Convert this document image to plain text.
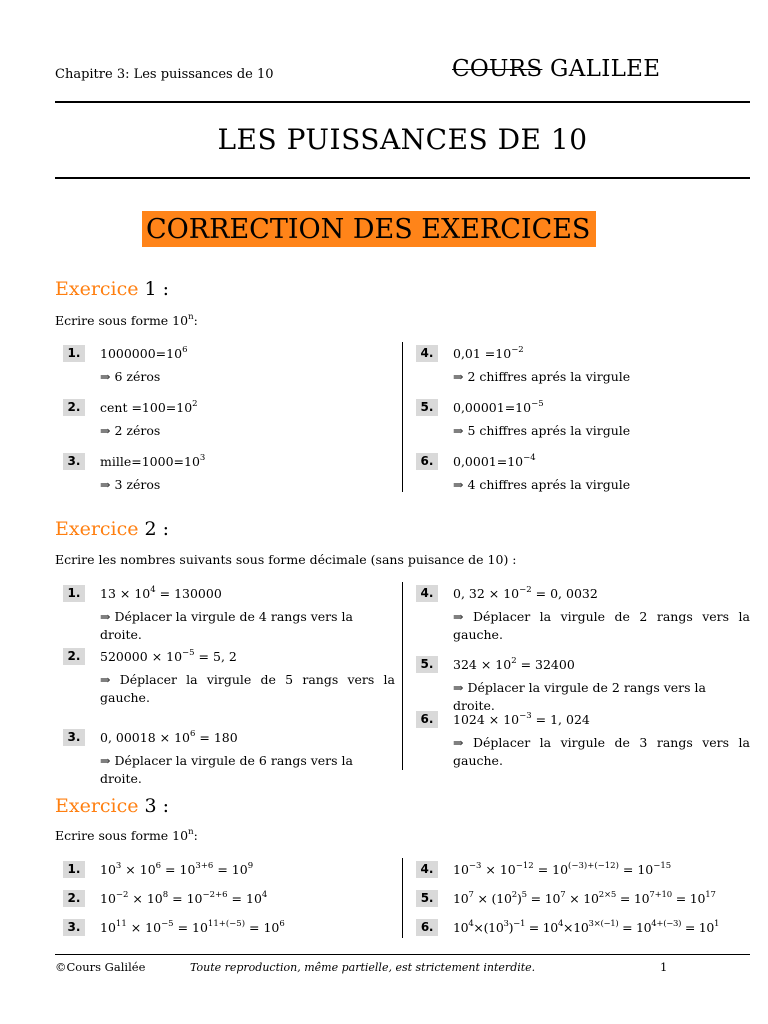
Chapitre 3: Les puissances de 10	COURS GALILEE
LES PUISSANCES DE 10
CORRECTION DES EXERCICES
Exercice 1 :
Ecrire sous forme 10$^n$:
1.	$1000000=10^6$
⇒ 6 zéros
2.	cent $=100=10^2$
⇒ 2 zéros
3.	$mille=1000=10^3$
⇒ 3 zéros
4.	$0,01 =10^{-2}$
⇒ 2 chiffres aprés la virgule
5.	$0,00001=10^{-5}$
⇒ 5 chiffres aprés la virgule
6.	$0,0001=10^{-4}$
⇒ 4 chiffres aprés la virgule
Exercice 2 :
Ecrire les nombres suivants sous forme décimale (sans puisance de 10) :
1.	$13 \times 10^4 = 130000$
⇒ Déplacer la virgule de 4 rangs vers la droite.
2.	$520000 \times 10^{-5} = 5$, 2
⇒ Déplacer la virgule de 5 rangs vers la
gauche.
3.	0, $00018 \times 10^6 = 180$
⇒ Déplacer la virgule de 6 rangs vers la droite.
4.	0, $32 \times 10^{-2} = 0$, 0032
⇒ Déplacer la virgule de 2 rangs vers la
gauche.
5.	$324 \times 10^2 = 32400$
⇒ Déplacer la virgule de 2 rangs vers la droite.
6.	$1024 \times 10^{-3} = 1$, 024
⇒ Déplacer la virgule de 3 rangs vers la
gauche.
Exercice 3 :
Ecrire sous forme 10$^n$:
1.	$10^3 \times 10^6 = 10^{3+6} = 10^9$
2.	$10^{-2} \times 10^8 = 10^{-2+6} = 10^4$
3.	$10^{11} \times 10^{-5} = 10^{11+(-5)} = 10^6$
4.	$10^{-3} \times 10^{-12} = 10^{(-3)+(-12)} = 10^{-15}$
5.	$10^7 \times (10^2)^5 = 10^7 \times 10^{2\times 5} = 10^{7+10} = 10^{17}$
6.	$10^4\times(10^3)^{-1} = 10^4\times 10^{3\times(-1)} = 10^{4+(-3)} = 10^1$
©Cours Galilée	Toute reproduction, même partielle, est strictement interdite.	1
